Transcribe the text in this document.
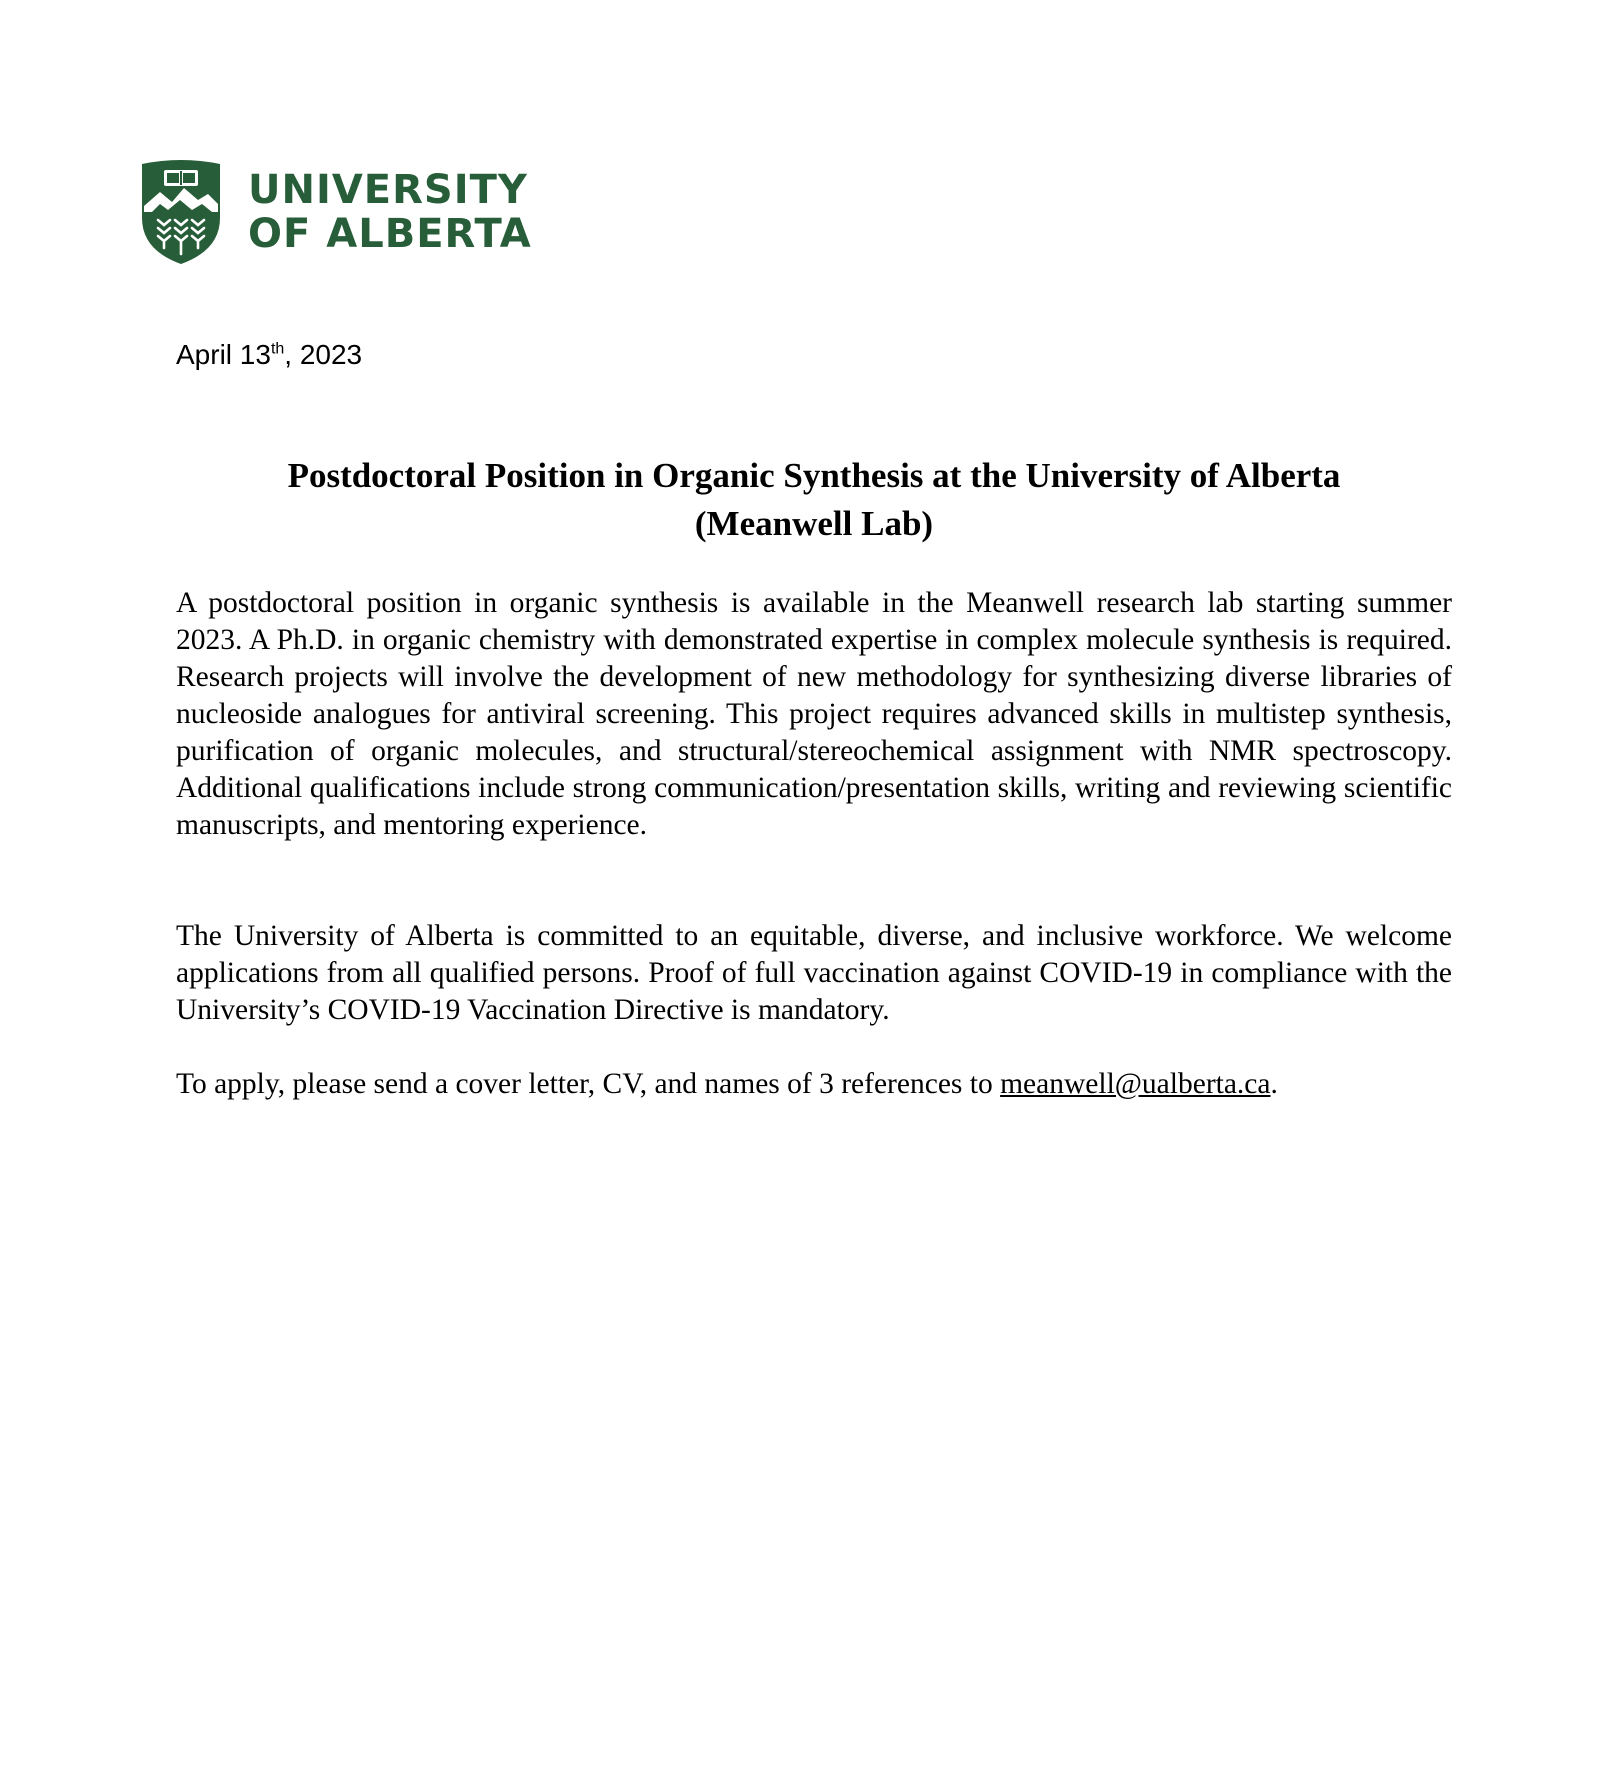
UNIVERSITY
OF ALBERTA
April 13th, 2023
Postdoctoral Position in Organic Synthesis at the University of Alberta
(Meanwell Lab)
A postdoctoral position in organic synthesis is available in the Meanwell research lab starting summer 2023. A Ph.D. in organic chemistry with demonstrated expertise in complex molecule synthesis is required. Research projects will involve the development of new methodology for synthesizing diverse libraries of nucleoside analogues for antiviral screening. This project requires advanced skills in multistep synthesis, purification of organic molecules, and structural/stereochemical assignment with NMR spectroscopy. Additional qualifications include strong communication/presentation skills, writing and reviewing scientific manuscripts, and mentoring experience.
The University of Alberta is committed to an equitable, diverse, and inclusive workforce. We welcome applications from all qualified persons. Proof of full vaccination against COVID-19 in compliance with the University’s COVID-19 Vaccination Directive is mandatory.
To apply, please send a cover letter, CV, and names of 3 references to meanwell@ualberta.ca.
